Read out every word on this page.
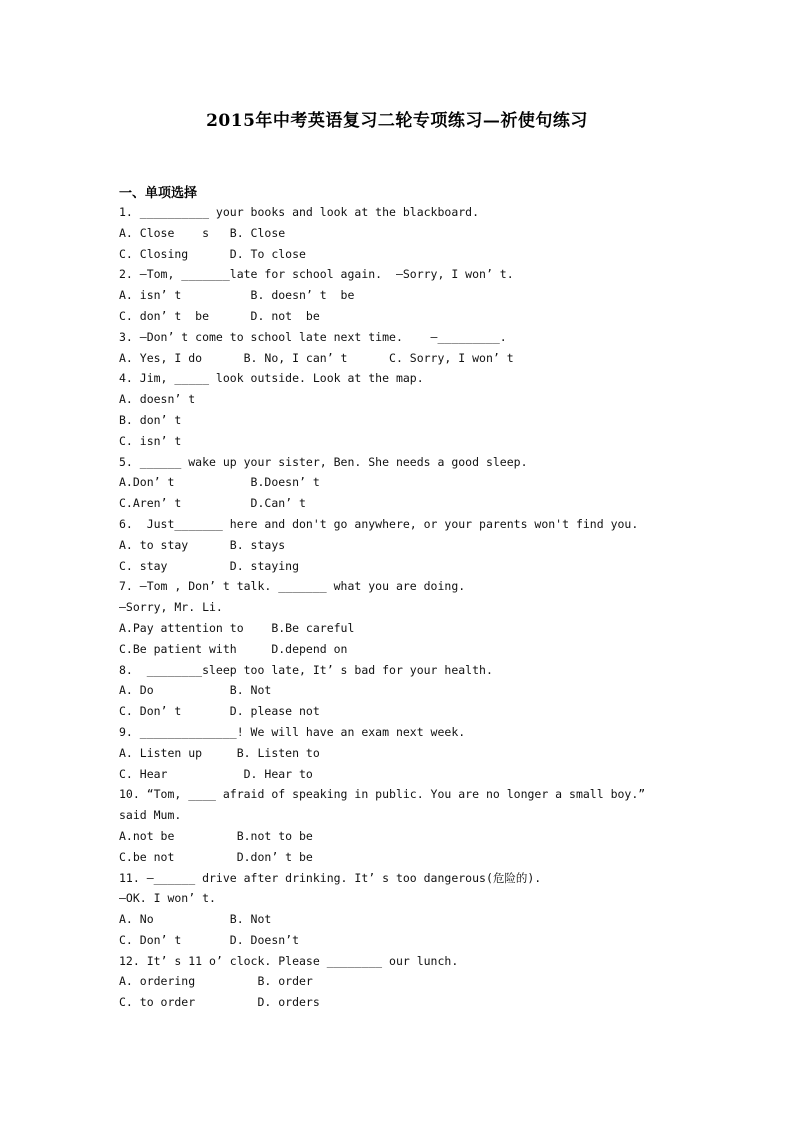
2015年中考英语复习二轮专项练习—祈使句练习
一、单项选择
1. __________ your books and look at the blackboard.
A. Close    s   B. Close
C. Closing      D. To close
2. —Tom, _______late for school again.  —Sorry, I won’ t.
A. isn’ t          B. doesn’ t  be
C. don’ t  be      D. not  be
3. —Don’ t come to school late next time.    —_________.
A. Yes, I do      B. No, I can’ t      C. Sorry, I won’ t
4. Jim, _____ look outside. Look at the map.
A. doesn’ t
B. don’ t
C. isn’ t
5. ______ wake up your sister, Ben. She needs a good sleep.
A.Don’ t           B.Doesn’ t
C.Aren’ t          D.Can’ t
6.  Just_______ here and don't go anywhere, or your parents won't find you.
A. to stay      B. stays
C. stay         D. staying
7. —Tom , Don’ t talk. _______ what you are doing.
—Sorry, Mr. Li.
A.Pay attention to    B.Be careful
C.Be patient with     D.depend on
8.  ________sleep too late, It’ s bad for your health.
A. Do           B. Not
C. Don’ t       D. please not
9. ______________! We will have an exam next week.
A. Listen up     B. Listen to
C. Hear           D. Hear to
10. “Tom, ____ afraid of speaking in public. You are no longer a small boy.”
said Mum.
A.not be         B.not to be
C.be not         D.don’ t be
11. —______ drive after drinking. It’ s too dangerous(危险的).
—OK. I won’ t.
A. No           B. Not
C. Don’ t       D. Doesn’t
12. It’ s 11 o’ clock. Please ________ our lunch.
A. ordering         B. order
C. to order         D. orders
